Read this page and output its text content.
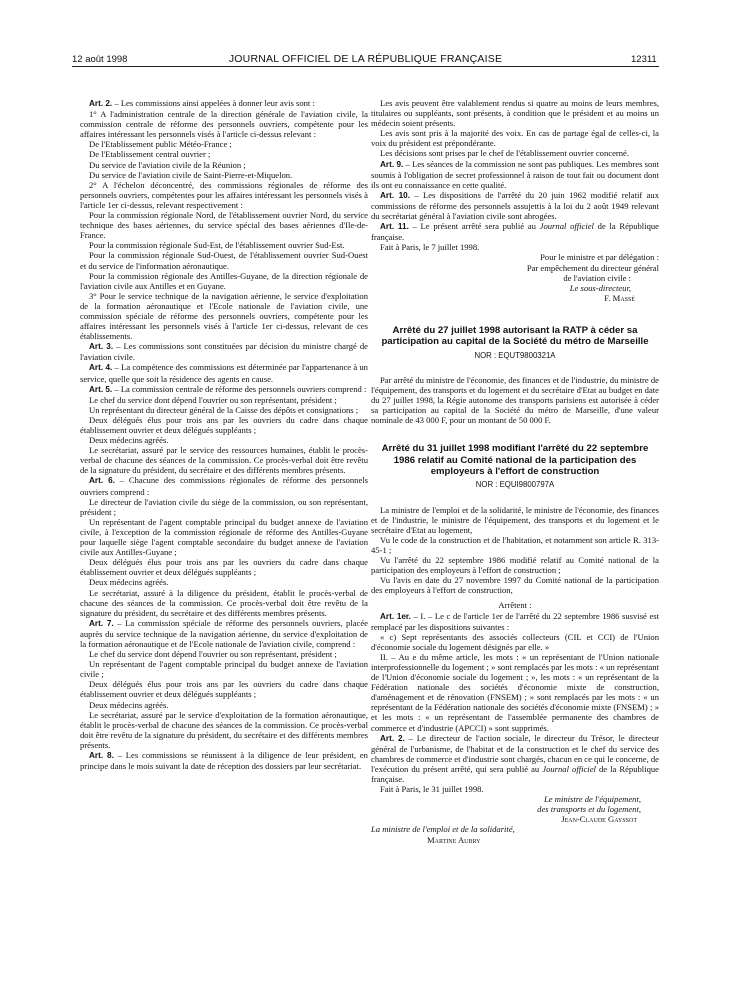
12 août 1998	JOURNAL OFFICIEL DE LA RÉPUBLIQUE FRANÇAISE	12311

Art. 2. – Les commissions ainsi appelées à donner leur avis sont :

1° A l'administration centrale de la direction générale de l'aviation civile, la commission centrale de réforme des personnels ouvriers, compétente pour les affaires intéressant les personnels visés à l'article ci-dessus relevant :

De l'Etablissement public Météo-France ;

De l'Etablissement central ouvrier ;

Du service de l'aviation civile de la Réunion ;

Du service de l'aviation civile de Saint-Pierre-et-Miquelon.

2° A l'échelon déconcentré, des commissions régionales de réforme des personnels ouvriers, compétentes pour les affaires intéressant les personnels visés à l'article 1er ci-dessus, relevant respectivement :

Pour la commission régionale Nord, de l'établissement ouvrier Nord, du service technique des bases aériennes, du service spécial des bases aériennes d'Ile-de-France.

Pour la commission régionale Sud-Est, de l'établissement ouvrier Sud-Est.

Pour la commission régionale Sud-Ouest, de l'établissement ouvrier Sud-Ouest et du service de l'information aéronautique.

Pour la commission régionale des Antilles-Guyane, de la direction régionale de l'aviation civile aux Antilles et en Guyane.

3° Pour le service technique de la navigation aérienne, le service d'exploitation de la formation aéronautique et l'Ecole nationale de l'aviation civile, une commission spéciale de réforme des personnels ouvriers, compétente pour les affaires intéressant les personnels visés à l'article 1er ci-dessus, relevant de ces établissements.

Art. 3. – Les commissions sont constituées par décision du ministre chargé de l'aviation civile.

Art. 4. – La compétence des commissions est déterminée par l'appartenance à un service, quelle que soit la résidence des agents en cause.

Art. 5. – La commission centrale de réforme des personnels ouvriers comprend :

Le chef du service dont dépend l'ouvrier ou son représentant, président ;

Un représentant du directeur général de la Caisse des dépôts et consignations ;

Deux délégués élus pour trois ans par les ouvriers du cadre dans chaque établissement ouvrier et deux délégués suppléants ;

Deux médecins agréés.

Le secrétariat, assuré par le service des ressources humaines, établit le procès-verbal de chacune des séances de la commission. Ce procès-verbal doit être revêtu de la signature du président, du secrétaire et des différents membres présents.

Art. 6. – Chacune des commissions régionales de réforme des personnels ouvriers comprend :

Le directeur de l'aviation civile du siège de la commission, ou son représentant, président ;

Un représentant de l'agent comptable principal du budget annexe de l'aviation civile, à l'exception de la commission régionale de réforme des Antilles-Guyane pour laquelle siège l'agent comptable secondaire du budget annexe de l'aviation civile aux Antilles-Guyane ;

Deux délégués élus pour trois ans par les ouvriers du cadre dans chaque établissement ouvrier et deux délégués suppléants ;

Deux médecins agréés.

Le secrétariat, assuré à la diligence du président, établit le procès-verbal de chacune des séances de la commission. Ce procès-verbal doit être revêtu de la signature du président, du secrétaire et des différents membres présents.

Art. 7. – La commission spéciale de réforme des personnels ouvriers, placée auprès du service technique de la navigation aérienne, du service d'exploitation de la formation aéronautique et de l'Ecole nationale de l'aviation civile, comprend :

Le chef du service dont dépend l'ouvrier ou son représentant, président ;

Un représentant de l'agent comptable principal du budget annexe de l'aviation civile ;

Deux délégués élus pour trois ans par les ouvriers du cadre dans chaque établissement ouvrier et deux délégués suppléants ;

Deux médecins agréés.

Le secrétariat, assuré par le service d'exploitation de la formation aéronautique, établit le procès-verbal de chacune des séances de la commission. Ce procès-verbal doit être revêtu de la signature du président, du secrétaire et des différents membres présents.

Art. 8. – Les commissions se réunissent à la diligence de leur président, en principe dans le mois suivant la date de réception des dossiers par leur secrétariat.

Les avis peuvent être valablement rendus si quatre au moins de leurs membres, titulaires ou suppléants, sont présents, à condition que le président et au moins un médecin soient présents.

Les avis sont pris à la majorité des voix. En cas de partage égal de celles-ci, la voix du président est prépondérante.

Les décisions sont prises par le chef de l'établissement ouvrier concerné.

Art. 9. – Les séances de la commission ne sont pas publiques. Les membres sont soumis à l'obligation de secret professionnel à raison de tout fait ou document dont ils ont eu connaissance en cette qualité.

Art. 10. – Les dispositions de l'arrêté du 20 juin 1962 modifié relatif aux commissions de réforme des personnels assujettis à la loi du 2 août 1949 relevant du secrétariat général à l'aviation civile sont abrogées.

Art. 11. – Le présent arrêté sera publié au Journal officiel de la République française.

Fait à Paris, le 7 juillet 1998.

Pour le ministre et par délégation :

Par empêchement du directeur général

de l'aviation civile :

Le sous-directeur,

F. Massé

Arrêté du 27 juillet 1998 autorisant la RATP à céder sa participation au capital de la Société du métro de Marseille

NOR : EQUT9800321A

Par arrêté du ministre de l'économie, des finances et de l'industrie, du ministre de l'équipement, des transports et du logement et du secrétaire d'Etat au budget en date du 27 juillet 1998, la Régie autonome des transports parisiens est autorisée à céder sa participation au capital de la Société du métro de Marseille, d'une valeur nominale de 43 000 F, pour un montant de 50 000 F.

Arrêté du 31 juillet 1998 modifiant l'arrêté du 22 septembre 1986 relatif au Comité national de la participation des employeurs à l'effort de construction

NOR : EQUI9800797A

La ministre de l'emploi et de la solidarité, le ministre de l'économie, des finances et de l'industrie, le ministre de l'équipement, des transports et du logement et le secrétaire d'Etat au logement,

Vu le code de la construction et de l'habitation, et notamment son article R. 313-45-1 ;

Vu l'arrêté du 22 septembre 1986 modifié relatif au Comité national de la participation des employeurs à l'effort de construction ;

Vu l'avis en date du 27 novembre 1997 du Comité national de la participation des employeurs à l'effort de construction,

Arrêtent :

Art. 1er. – I. – Le c de l'article 1er de l'arrêté du 22 septembre 1986 susvisé est remplacé par les dispositions suivantes :

« c) Sept représentants des associés collecteurs (CIL et CCI) de l'Union d'économie sociale du logement désignés par elle. »

II. – Au e du même article, les mots : « un représentant de l'Union nationale interprofessionnelle du logement ; » sont remplacés par les mots : « un représentant de l'Union d'économie sociale du logement ; », les mots : « un représentant de la Fédération nationale des sociétés d'économie mixte de construction, d'aménagement et de rénovation (FNSEM) ; » sont remplacés par les mots : « un représentant de la Fédération nationale des sociétés d'économie mixte (FNSEM) ; » et les mots : « un représentant de l'assemblée permanente des chambres de commerce et d'industrie (APCCI) » sont supprimés.

Art. 2. – Le directeur de l'action sociale, le directeur du Trésor, le directeur général de l'urbanisme, de l'habitat et de la construction et le chef du service des chambres de commerce et d'industrie sont chargés, chacun en ce qui le concerne, de l'exécution du présent arrêté, qui sera publié au Journal officiel de la République française.

Fait à Paris, le 31 juillet 1998.

Le ministre de l'équipement,

des transports et du logement,

Jean-Claude Gayssot

La ministre de l'emploi et de la solidarité,

Martine Aubry
